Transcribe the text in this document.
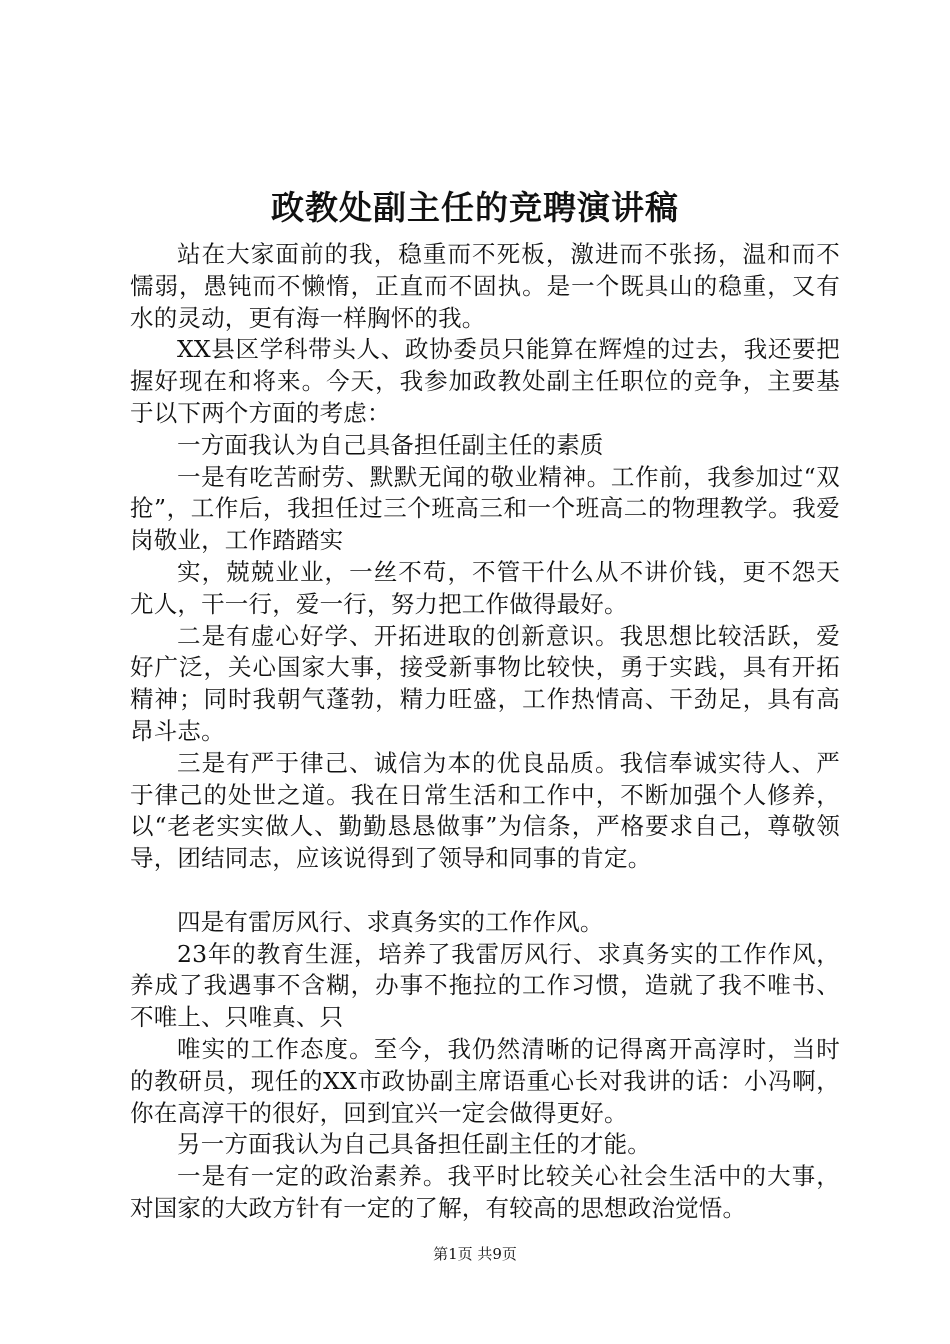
政教处副主任的竞聘演讲稿

站在大家面前的我，稳重而不死板，激进而不张扬，温和而不懦弱，愚钝而不懒惰，正直而不固执。是一个既具山的稳重，又有水的灵动，更有海一样胸怀的我。

XX县区学科带头人、政协委员只能算在辉煌的过去，我还要把握好现在和将来。今天，我参加政教处副主任职位的竞争，主要基于以下两个方面的考虑：

一方面我认为自己具备担任副主任的素质

一是有吃苦耐劳、默默无闻的敬业精神。工作前，我参加过“双抢”，工作后，我担任过三个班高三和一个班高二的物理教学。我爱岗敬业，工作踏踏实

实，兢兢业业，一丝不苟，不管干什么从不讲价钱，更不怨天尤人，干一行，爱一行，努力把工作做得最好。

二是有虚心好学、开拓进取的创新意识。我思想比较活跃，爱好广泛，关心国家大事，接受新事物比较快，勇于实践，具有开拓精神；同时我朝气蓬勃，精力旺盛，工作热情高、干劲足，具有高昂斗志。

三是有严于律己、诚信为本的优良品质。我信奉诚实待人、严于律己的处世之道。我在日常生活和工作中，不断加强个人修养，以“老老实实做人、勤勤恳恳做事”为信条，严格要求自己，尊敬领导，团结同志，应该说得到了领导和同事的肯定。

四是有雷厉风行、求真务实的工作作风。

23年的教育生涯，培养了我雷厉风行、求真务实的工作作风，养成了我遇事不含糊，办事不拖拉的工作习惯，造就了我不唯书、不唯上、只唯真、只

唯实的工作态度。至今，我仍然清晰的记得离开高淳时，当时的教研员，现任的XX市政协副主席语重心长对我讲的话：小冯啊，你在高淳干的很好，回到宜兴一定会做得更好。

另一方面我认为自己具备担任副主任的才能。

一是有一定的政治素养。我平时比较关心社会生活中的大事，对国家的大政方针有一定的了解，有较高的思想政治觉悟。

第1页 共9页
